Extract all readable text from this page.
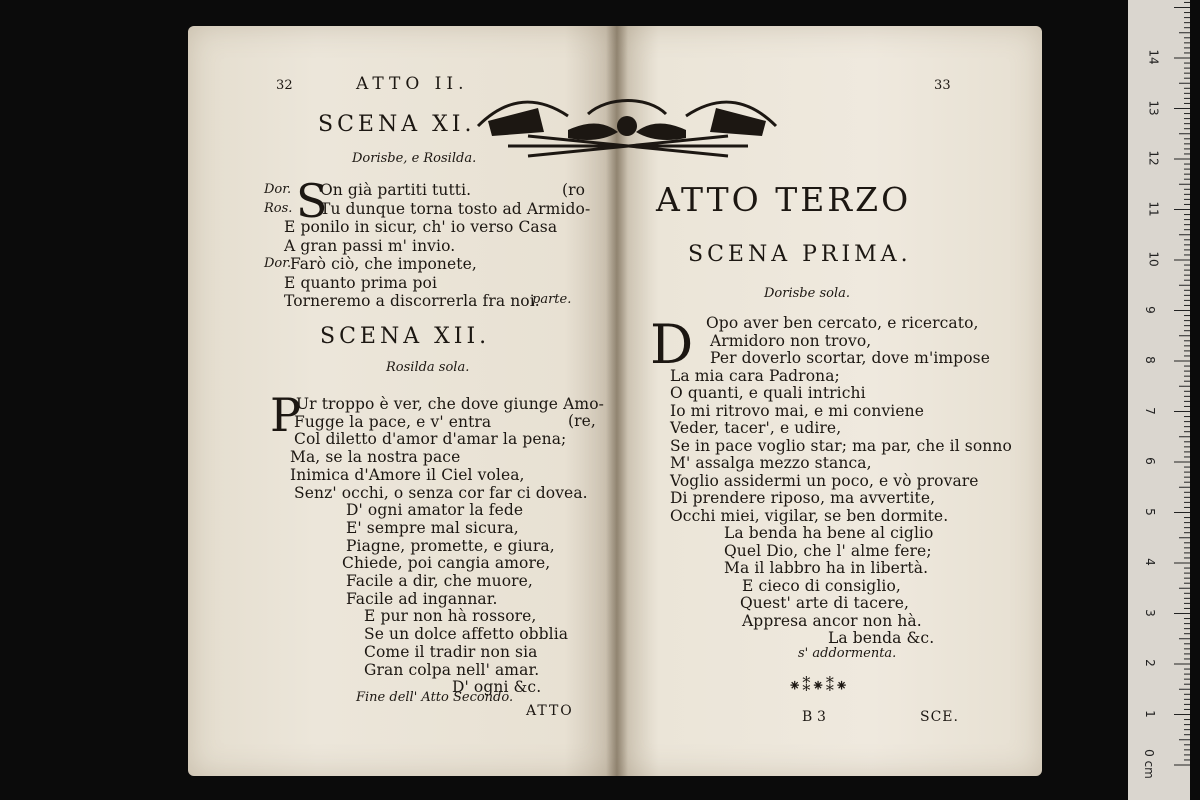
32	ATTO II.
SCENA XI.
Dorisbe, e Rosilda.
S
Dor. On già partiti tutti.	(ro
Ros. Tu dunque torna tosto ad Armido-
E ponilo in sicur, ch' io verso Casa
A gran passi m' invio.
Dor.
Farò ciò, che imponete,
E quanto prima poi
Torneremo a discorrerla fra noi.
parte.
SCENA XII.
Rosilda sola.
P	(re,
Ur troppo è ver, che dove giunge Amo-
Fugge la pace, e v' entra
Col diletto d'amor d'amar la pena;
Ma, se la nostra pace
Inimica d'Amore il Ciel volea,
Senz' occhi, o senza cor far ci dovea.
D' ogni amator la fede
E' sempre mal sicura,
Piagne, promette, e giura,
Chiede, poi cangia amore,
Facile a dir, che muore,
Facile ad ingannar.
E pur non hà rossore,
Se un dolce affetto obblia
Come il tradir non sia
Gran colpa nell' amar.
D' ogni &c.
Fine dell' Atto Secondo.
ATTO
33
ATTO TERZO
SCENA PRIMA.
Dorisbe sola.
D Opo aver ben cercato, e ricercato,
Armidoro non trovo,
Per doverlo scortar, dove m'impose
La mia cara Padrona;
O quanti, e quali intrichi
Io mi ritrovo mai, e mi conviene
Veder, tacer', e udire,
Se in pace voglio star; ma par, che il sonno
M' assalga mezzo stanca,
Voglio assidermi un poco, e vò provare
Di prendere riposo, ma avvertite,
Occhi miei, vigilar, se ben dormite.
La benda ha bene al ciglio
Quel Dio, che l' alme fere;
Ma il labbro ha in libertà.
E cieco di consiglio,
Quest' arte di tacere,
Appresa ancor non hà.
La benda &c.
s' addormenta.
⁕⁑⁕⁑⁕
B 3	SCE.
0 cm
1
2
3
4
5
6
7
8
9
10
11
12
13
14
